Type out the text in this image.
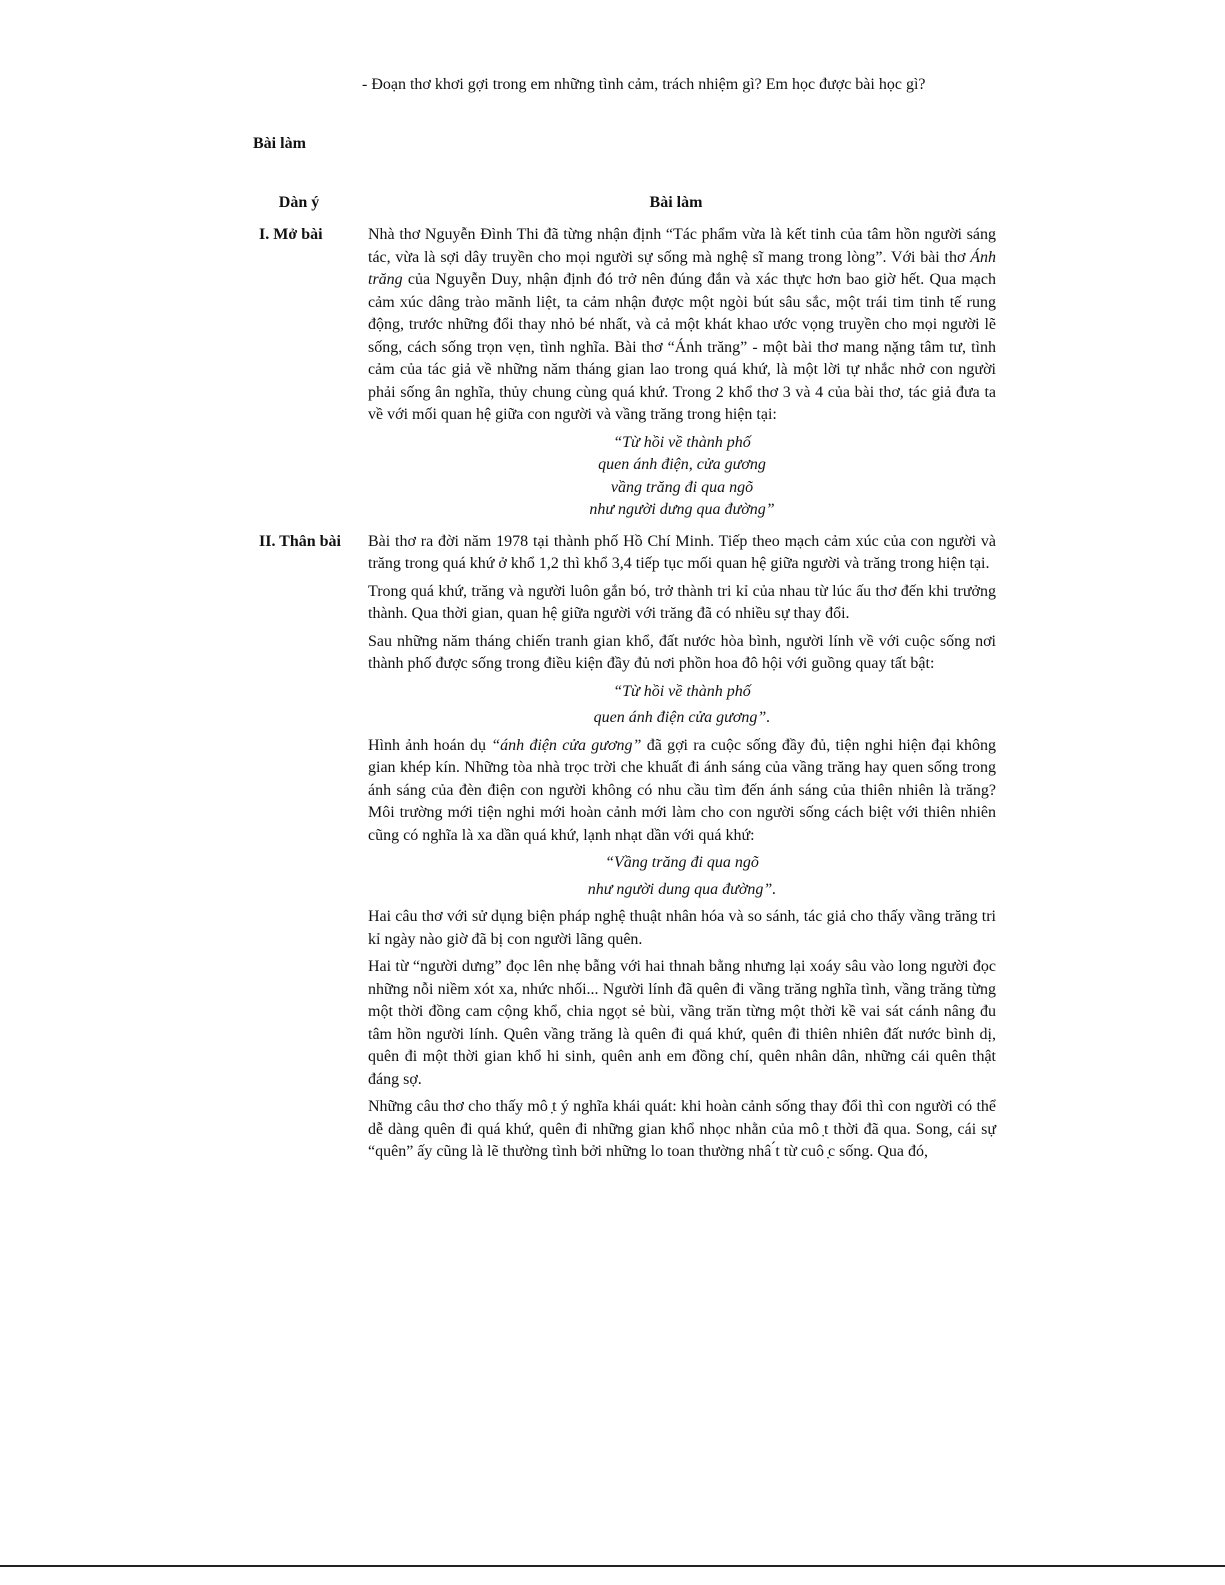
- Đoạn thơ khơi gợi trong em những tình cảm, trách nhiệm gì? Em học được bài học gì?
Bài làm
Dàn ý	Bài làm
I. Mở bài	Nhà thơ Nguyễn Đình Thi đã từng nhận định “Tác phẩm vừa là kết tinh của tâm hồn người sáng tác, vừa là sợi dây truyền cho mọi người sự sống mà nghệ sĩ mang trong lòng”. Với bài thơ Ánh trăng của Nguyễn Duy, nhận định đó trở nên đúng đắn và xác thực hơn bao giờ hết. Qua mạch cảm xúc dâng trào mãnh liệt, ta cảm nhận được một ngòi bút sâu sắc, một trái tim tinh tế rung động, trước những đổi thay nhỏ bé nhất, và cả một khát khao ước vọng truyền cho mọi người lẽ sống, cách sống trọn vẹn, tình nghĩa. Bài thơ “Ánh trăng” - một bài thơ mang nặng tâm tư, tình cảm của tác giả về những năm tháng gian lao trong quá khứ, là một lời tự nhắc nhở con người phải sống ân nghĩa, thủy chung cùng quá khứ. Trong 2 khổ thơ 3 và 4 của bài thơ, tác giả đưa ta về với mối quan hệ giữa con người và vầng trăng trong hiện tại:

“Từ hồi về thành phố
quen ánh điện, cửa gương
vầng trăng đi qua ngõ
như người dưng qua đường”
II. Thân bài	Bài thơ ra đời năm 1978 tại thành phố Hồ Chí Minh. Tiếp theo mạch cảm xúc của con người và trăng trong quá khứ ở khổ 1,2 thì khổ 3,4 tiếp tục mối quan hệ giữa người và trăng trong hiện tại.

Trong quá khứ, trăng và người luôn gắn bó, trở thành tri kỉ của nhau từ lúc ấu thơ đến khi trưởng thành. Qua thời gian, quan hệ giữa người với trăng đã có nhiều sự thay đổi.

Sau những năm tháng chiến tranh gian khổ, đất nước hòa bình, người lính về với cuộc sống nơi thành phố được sống trong điều kiện đầy đủ nơi phồn hoa đô hội với guồng quay tất bật:

“Từ hồi về thành phố
quen ánh điện cửa gương”.

Hình ảnh hoán dụ “ánh điện cửa gương” đã gợi ra cuộc sống đầy đủ, tiện nghi hiện đại không gian khép kín. Những tòa nhà trọc trời che khuất đi ánh sáng của vầng trăng hay quen sống trong ánh sáng của đèn điện con người không có nhu cầu tìm đến ánh sáng của thiên nhiên là trăng? Môi trường mới tiện nghi mới hoàn cảnh mới làm cho con người sống cách biệt với thiên nhiên cũng có nghĩa là xa dần quá khứ, lạnh nhạt dần với quá khứ:

“Vầng trăng đi qua ngõ
như người dung qua đường”.

Hai câu thơ với sử dụng biện pháp nghệ thuật nhân hóa và so sánh, tác giả cho thấy vầng trăng tri kỉ ngày nào giờ đã bị con người lãng quên.

Hai từ “người dưng” đọc lên nhẹ bẫng với hai thnah bằng nhưng lại xoáy sâu vào long người đọc những nỗi niềm xót xa, nhức nhối... Người lính đã quên đi vầng trăng nghĩa tình, vầng trăng từng một thời đồng cam cộng khổ, chia ngọt sẻ bùi, vầng trăn từng một thời kề vai sát cánh nâng đu tâm hồn người lính. Quên vầng trăng là quên đi quá khứ, quên đi thiên nhiên đất nước bình dị, quên đi một thời gian khổ hi sinh, quên anh em đồng chí, quên nhân dân, những cái quên thật đáng sợ.

Những câu thơ cho thấy mô ̣t ý nghĩa khái quát: khi hoàn cảnh sống thay đổi thì con người có thể dễ dàng quên đi quá khứ, quên đi những gian khổ nhọc nhằn của mô ̣t thời đã qua. Song, cái sự “quên” ấy cũng là lẽ thường tình bởi những lo toan thường nhâ ́t từ cuô ̣c sống. Qua đó,
